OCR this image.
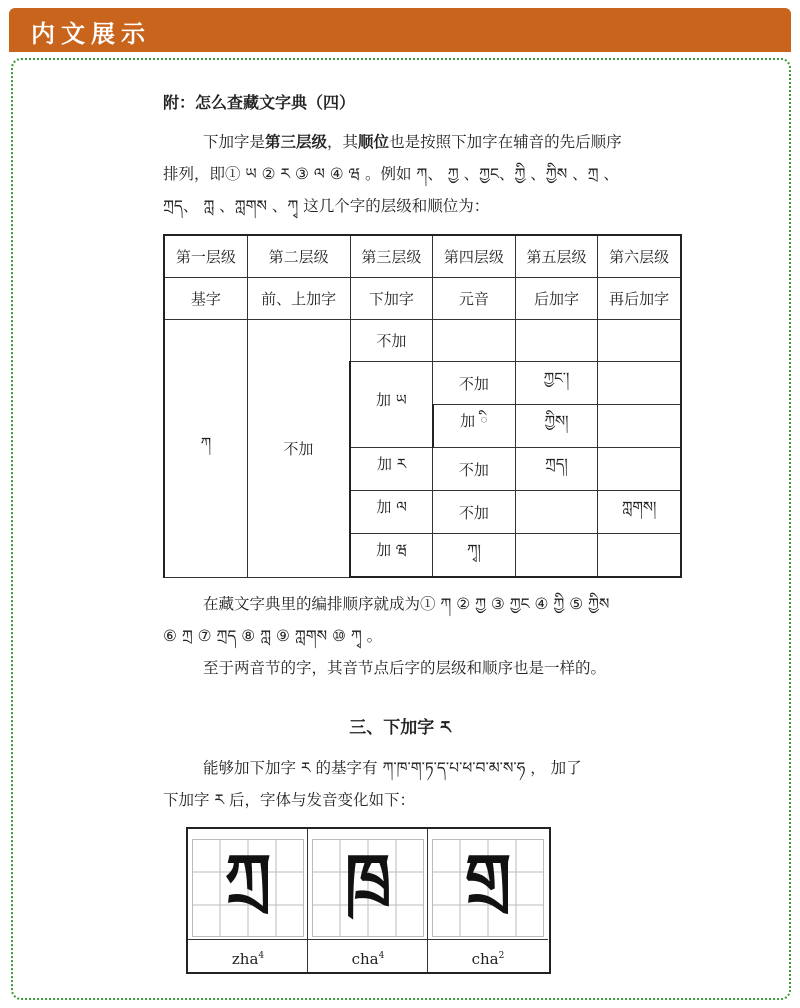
内文展示

附：怎么查藏文字典（四）

下加字是第三层级，其顺位也是按照下加字在辅音的先后顺序

排列，即① ཡ ② ར ③ ལ ④ ཝ 。例如 ཀ、 ཀྱ 、ཀྱང、ཀྱི 、ཀྱིས 、ཀྲ 、

ཀྲད、 ཀླ 、ཀླགས 、ཀྭ 这几个字的层级和顺位为：

第一层级	第二层级	第三层级	第四层级	第五层级	第六层级
基字	前、上加字	下加字	元音	后加字	再后加字
ཀ	不加	不加			
		加 ཡ	不加	ཀྱང་།	
			加 ི	ཀྱིས།	
		加 ར	不加	ཀྲད།	
		加 ལ	不加		ཀླགས།
		加 ཝ	ཀྭ།		

在藏文字典里的编排顺序就成为① ཀ ② ཀྱ ③ ཀྱང ④ ཀྱི ⑤ ཀྱིས

⑥ ཀྲ ⑦ ཀྲད ⑧ ཀླ ⑨ ཀླགས ⑩ ཀྭ 。

至于两音节的字，其音节点后字的层级和顺序也是一样的。

三、下加字 ར

能够加下加字 ར 的基字有 ཀ་ཁ་ག་ཏ་ད་པ་ཕ་བ་མ་ས་ཧ ， 加了

下加字 ར 后，字体与发音变化如下：

ཀྲ
zha$^4$
ཁྲ
cha$^4$
གྲ
cha$^2$
